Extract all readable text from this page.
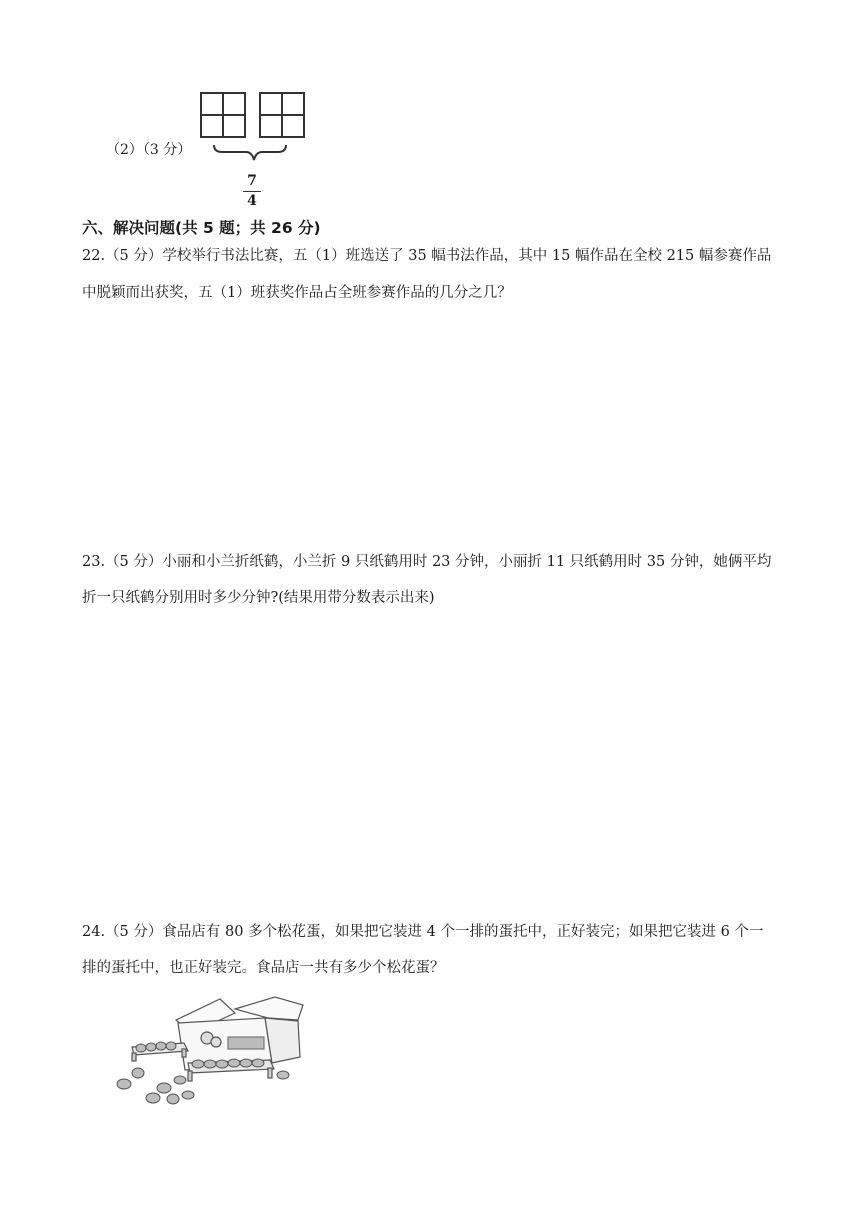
（2）（3 分）
7
4
六、解决问题(共 5 题；共 26 分)
22.（5 分）学校举行书法比赛，五（1）班选送了 35 幅书法作品，其中 15 幅作品在全校 215 幅参赛作品
中脱颖而出获奖，五（1）班获奖作品占全班参赛作品的几分之几？
23.（5 分）小丽和小兰折纸鹤，小兰折 9 只纸鹤用时 23 分钟，小丽折 11 只纸鹤用时 35 分钟，她俩平均
折一只纸鹤分别用时多少分钟?(结果用带分数表示出来)
24.（5 分）食品店有 80 多个松花蛋，如果把它装进 4 个一排的蛋托中，正好装完；如果把它装进 6 个一
排的蛋托中，也正好装完。食品店一共有多少个松花蛋？
